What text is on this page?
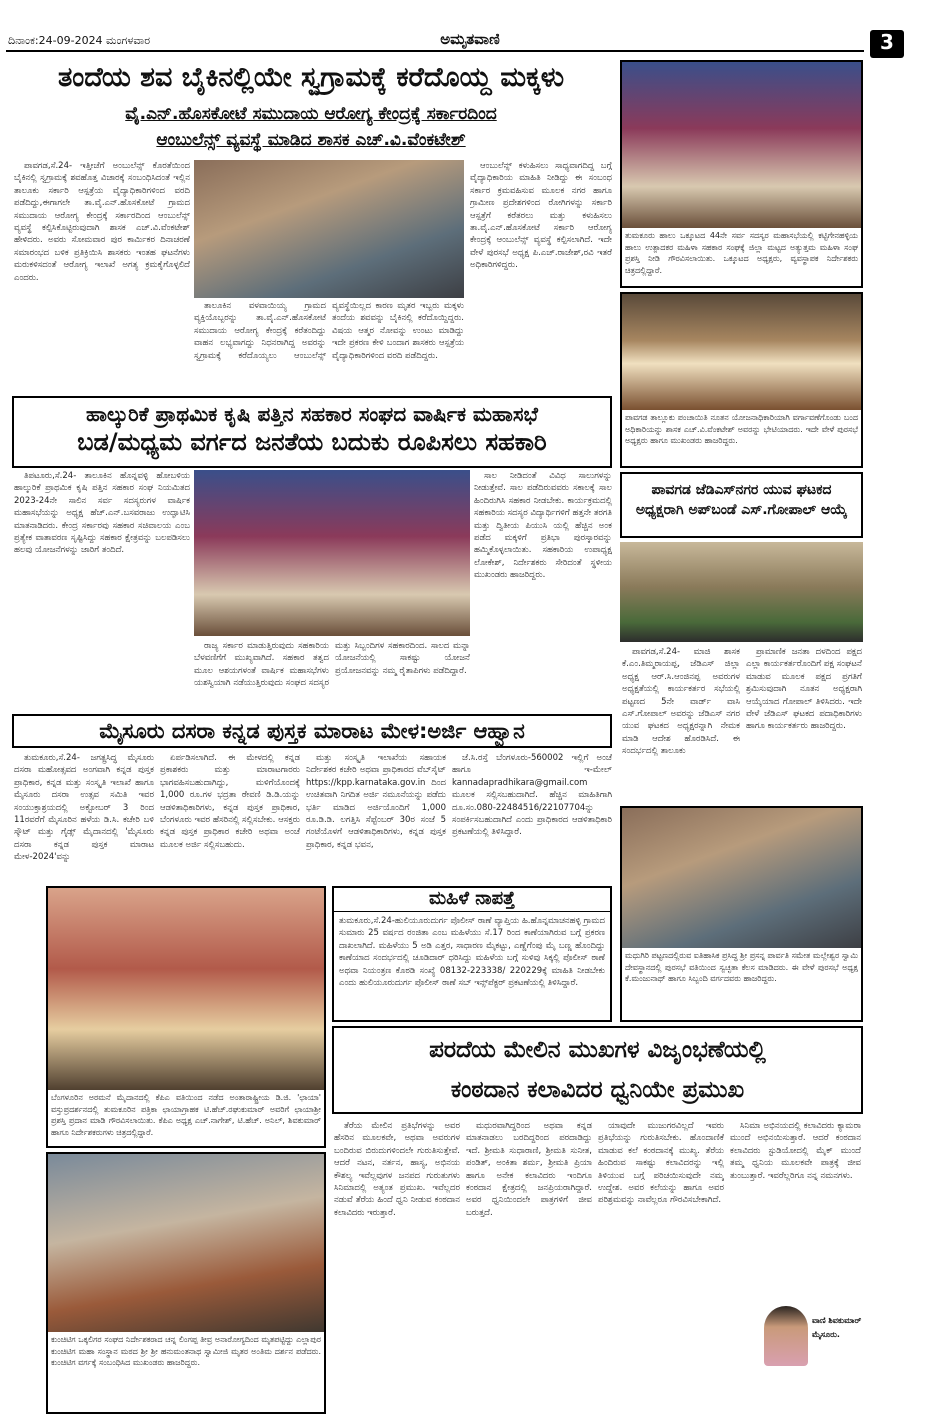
ದಿನಾಂಕ:24-09-2024 ಮಂಗಳವಾರ	ಅಮೃತವಾಣಿ	3
ತಂದೆಯ ಶವ ಬೈಕಿನಲ್ಲಿಯೇ ಸ್ವಗ್ರಾಮಕ್ಕೆ ಕರೆದೊಯ್ದ ಮಕ್ಕಳು
ವೈ.ಎನ್.ಹೊಸಕೋಟೆ ಸಮುದಾಯ ಆರೋಗ್ಯ ಕೇಂದ್ರಕ್ಕೆ ಸರ್ಕಾರದಿಂದ
ಆಂಬುಲೆನ್ಸ್ ವ್ಯವಸ್ಥೆ ಮಾಡಿದ ಶಾಸಕ ಎಚ್.ವಿ.ವೆಂಕಟೇಶ್

ಪಾವಗಡ,ಸೆ.24- ಇತ್ತೀಚೆಗೆ ಅಂಬುಲೆನ್ಸ್ ಕೊರತೆಯಿಂದ ಬೈಕಿನಲ್ಲಿ ಸ್ವಗ್ರಾಮಕ್ಕೆ ಶವಹೊತ್ತ ವಿಚಾರಕ್ಕೆ ಸಂಬಂಧಿಸಿದಂತೆ ಇಲ್ಲಿನ ತಾಲೂಕು ಸರ್ಕಾರಿ ಆಸ್ಪತ್ರೆಯ ವೈದ್ಯಾಧಿಕಾರಿಗಳಿಂದ ವರದಿ ಪಡೆದಿದ್ದು,ಈಗಾಗಲೇ ತಾ.ವೈ.ಎನ್.ಹೊಸಕೋಟೆ ಗ್ರಾಮದ ಸಮುದಾಯ ಆರೋಗ್ಯ ಕೇಂದ್ರಕ್ಕೆ ಸರ್ಕಾರದಿಂದ ಆಂಬುಲೆನ್ಸ್ ವ್ಯವಸ್ಥೆ ಕಲ್ಪಿಸಿಕೊಟ್ಟಿರುವುದಾಗಿ ಶಾಸಕ ಎಚ್.ವಿ.ವೆಂಕಟೇಶ್ ಹೇಳಿದರು. ಅವರು ಸೋಮವಾರ ಪುರ ಕಾರ್ಮಿಕರ ದಿನಾಚರಣೆ ಸಮಾರಂಭದ ಬಳಿಕ ಪ್ರತಿಕ್ರಿಯಿಸಿ ಶಾಸಕರು ಇಂತಹ ಘಟನೆಗಳು ಮರುಕಳಿಸದಂತೆ ಆರೋಗ್ಯ ಇಲಾಖೆ ಅಗತ್ಯ ಕ್ರಮಕೈಗೊಳ್ಳಲಿದೆ ಎಂದರು.

ತಾಲೂಕಿನ ವಳವಾಯಿಯ್ಯ ಗ್ರಾಮದ ವ್ಯಕ್ತಿಯೊಬ್ಬರನ್ನು ತಾ.ವೈ.ಎನ್.ಹೊಸಕೋಟೆ ಸಮುದಾಯ ಆರೋಗ್ಯ ಕೇಂದ್ರಕ್ಕೆ ಕರೆತಂದಿದ್ದು ವಾಹನ ಲಭ್ಯವಾಗದ್ದು ನಿಧನರಾಗಿದ್ದ ಅವರನ್ನು ಸ್ವಗ್ರಾಮಕ್ಕೆ ಕರೆದೊಯ್ಯಲು ಆಂಬುಲೆನ್ಸ್ ವ್ಯವಸ್ಥೆಯಿಲ್ಲದ ಕಾರಣ ಮೃತರ ಇಬ್ಬರು ಮಕ್ಕಳು ತಂದೆಯ ಶವವನ್ನು ಬೈಕಿನಲ್ಲಿ ಕರೆದೊಯ್ದಿದ್ದರು. ವಿಷಯ ಆತ್ಮರ ನೋವನ್ನು ಉಂಟು ಮಾಡಿದ್ದು ಇದೇ ಪ್ರಕರಣ ಕೇಳಿ ಬಂದಾಗ ಶಾಸಕರು ಆಸ್ಪತ್ರೆಯ ವೈದ್ಯಾಧಿಕಾರಿಗಳಿಂದ ವರದಿ ಪಡೆದಿದ್ದರು.

ಆಂಬುಲೆನ್ಸ್ ಕಳುಹಿಸಲು ಸಾಧ್ಯವಾಗದಿದ್ದ ಬಗ್ಗೆ ವೈದ್ಯಾಧಿಕಾರಿಯ ಮಾಹಿತಿ ನೀಡಿದ್ದು ಈ ಸಂಬಂಧ ಸರ್ಕಾರ ಕ್ರಮವಹಿಸುವ ಮೂಲಕ ನಗರ ಹಾಗೂ ಗ್ರಾಮೀಣ ಪ್ರದೇಶಗಳಿಂದ ರೋಗಿಗಳನ್ನು ಸರ್ಕಾರಿ ಆಸ್ಪತ್ರೆಗೆ ಕರೆತರಲು ಮತ್ತು ಕಳುಹಿಸಲು ತಾ.ವೈ.ಎನ್.ಹೊಸಕೋಟೆ ಸರ್ಕಾರಿ ಆರೋಗ್ಯ ಕೇಂದ್ರಕ್ಕೆ ಆಂಬುಲೆನ್ಸ್ ವ್ಯವಸ್ಥೆ ಕಲ್ಪಿಸಲಾಗಿದೆ. ಇದೇ ವೇಳೆ ಪುರಸಭೆ ಅಧ್ಯಕ್ಷ ಪಿ.ಎಚ್.ರಾಜೇಶ್,ರವಿ ಇತರೆ ಅಧಿಕಾರಿಗಳಿದ್ದರು.

ಹಾಲ್ಕುರಿಕೆ ಪ್ರಾಥಮಿಕ ಕೃಷಿ ಪತ್ತಿನ ಸಹಕಾರ ಸಂಘದ ವಾರ್ಷಿಕ ಮಹಾಸಭೆ
ಬಡ/ಮಧ್ಯಮ ವರ್ಗದ ಜನತೆಯ ಬದುಕು ರೂಪಿಸಲು ಸಹಕಾರಿ

ತಿಪಟೂರು,ಸೆ.24- ತಾಲೂಕಿನ ಹೊನ್ನವಳ್ಳಿ ಹೋಬಳಿಯ ಹಾಲ್ಕುರಿಕೆ ಪ್ರಾಥಮಿಕ ಕೃಷಿ ಪತ್ತಿನ ಸಹಕಾರ ಸಂಘ ನಿಯಮಿತದ 2023-24ನೇ ಸಾಲಿನ ಸರ್ವ ಸದಸ್ಯರುಗಳ ವಾರ್ಷಿಕ ಮಹಾಸಭೆಯನ್ನು ಅಧ್ಯಕ್ಷ ಹೆಚ್.ಎನ್.ಬಸವರಾಜು ಉದ್ಘಾಟಿಸಿ ಮಾತನಾಡಿದರು. ಕೇಂದ್ರ ಸರ್ಕಾರವು ಸಹಕಾರ ಸಚಿವಾಲಯ ಎಂಬ ಪ್ರತ್ಯೇಕ ವಾತಾವರಣ ಸೃಷ್ಟಿಸಿದ್ದು ಸಹಕಾರ ಕ್ಷೇತ್ರವನ್ನು ಬಲಪಡಿಸಲು ಹಲವು ಯೋಜನೆಗಳನ್ನು ಜಾರಿಗೆ ತಂದಿದೆ.

ರಾಜ್ಯ ಸರ್ಕಾರ ಮಾಡುತ್ತಿರುವುದು ಸಹಕಾರಿಯ ಬೆಳವಣಿಗೆಗೆ ಮುಖ್ಯವಾಗಿದೆ. ಸಹಕಾರ ತತ್ವದ ಮೂಲ ಆಶಯಗಳಂತೆ ವಾರ್ಷಿಕ ಮಹಾಸಭೆಗಳು ಯಶಸ್ವಿಯಾಗಿ ನಡೆಯುತ್ತಿರುವುದು ಸಂಘದ ಸದಸ್ಯರ ಮತ್ತು ಸಿಬ್ಬಂದಿಗಳ ಸಹಕಾರದಿಂದ. ಸಾಲದ ಮನ್ನಾ ಯೋಜನೆಯಲ್ಲಿ ಸಾಕಷ್ಟು ಯೋಜನೆ ಪ್ರಯೋಜನವನ್ನು ನಮ್ಮ ರೈತಾಪಿಗಳು ಪಡೆದಿದ್ದಾರೆ.

ಸಾಲ ನೀಡಿದಂತೆ ವಿವಿಧ ಸಾಲುಗಳನ್ನು ನೀಡುತ್ತೇವೆ. ಸಾಲ ಪಡೆದಿರುವವರು ಸಕಾಲಕ್ಕೆ ಸಾಲ ಹಿಂದಿರುಗಿಸಿ ಸಹಕಾರ ನೀಡಬೇಕು. ಕಾರ್ಯಕ್ರಮದಲ್ಲಿ ಸಹಕಾರಿಯ ಸದಸ್ಯರ ವಿದ್ಯಾರ್ಥಿಗಳಿಗೆ ಹತ್ತನೇ ತರಗತಿ ಮತ್ತು ದ್ವಿತೀಯ ಪಿಯುಸಿ ಯಲ್ಲಿ ಹೆಚ್ಚಿನ ಅಂಕ ಪಡೆದ ಮಕ್ಕಳಿಗೆ ಪ್ರತಿಭಾ ಪುರಸ್ಕಾರವನ್ನು ಹಮ್ಮಿಕೊಳ್ಳಲಾಯಿತು. ಸಹಕಾರಿಯ ಉಪಾಧ್ಯಕ್ಷ ಲೋಕೇಶ್, ನಿರ್ದೇಶಕರು ಸೇರಿದಂತೆ ಸ್ಥಳೀಯ ಮುಖಂಡರು ಹಾಜರಿದ್ದರು.

ಮೈಸೂರು ದಸರಾ ಕನ್ನಡ ಪುಸ್ತಕ ಮಾರಾಟ ಮೇಳ:ಅರ್ಜಿ ಆಹ್ವಾನ

ತುಮಕೂರು,ಸೆ.24- ಜಗತ್ಪ್ರಸಿದ್ಧ ಮೈಸೂರು ದಸರಾ ಮಹೋತ್ಸವದ ಅಂಗವಾಗಿ ಕನ್ನಡ ಪುಸ್ತಕ ಪ್ರಾಧಿಕಾರ, ಕನ್ನಡ ಮತ್ತು ಸಂಸ್ಕೃತಿ ಇಲಾಖೆ ಹಾಗೂ ಮೈಸೂರು ದಸರಾ ಉತ್ಸವ ಸಮಿತಿ ಇವರ ಸಂಯುಕ್ತಾಶ್ರಯದಲ್ಲಿ ಅಕ್ಟೋಬರ್ 3 ರಿಂದ 11ರವರೆಗೆ ಮೈಸೂರಿನ ಹಳೆಯ ಡಿ.ಸಿ. ಕಚೇರಿ ಬಳಿ ಸ್ಕೌಟ್ ಮತ್ತು ಗೈಡ್ಸ್ ಮೈದಾನದಲ್ಲಿ 'ಮೈಸೂರು ದಸರಾ ಕನ್ನಡ ಪುಸ್ತಕ ಮಾರಾಟ ಮೇಳ-2024'ವನ್ನು

ಏರ್ಪಡಿಸಲಾಗಿದೆ. ಈ ಮೇಳದಲ್ಲಿ ಕನ್ನಡ ಪ್ರಕಾಶಕರು ಮತ್ತು ಮಾರಾಟಗಾರರು ಭಾಗವಹಿಸಬಹುದಾಗಿದ್ದು, ಮಳಿಗೆಯೊಂದಕ್ಕೆ 1,000 ರೂ.ಗಳ ಭದ್ರತಾ ಠೇವಣಿ ಡಿ.ಡಿ.ಯನ್ನು ಆಡಳಿತಾಧಿಕಾರಿಗಳು, ಕನ್ನಡ ಪುಸ್ತಕ ಪ್ರಾಧಿಕಾರ, ಬೆಂಗಳೂರು ಇವರ ಹೆಸರಿನಲ್ಲಿ ಸಲ್ಲಿಸಬೇಕು. ಆಸಕ್ತರು ಕನ್ನಡ ಪುಸ್ತಕ ಪ್ರಾಧಿಕಾರ ಕಚೇರಿ ಅಥವಾ ಅಂಚೆ ಮೂಲಕ ಅರ್ಜಿ ಸಲ್ಲಿಸಬಹುದು.

ಮತ್ತು ಸಂಸ್ಕೃತಿ ಇಲಾಖೆಯ ಸಹಾಯಕ ನಿರ್ದೇಶಕರ ಕಚೇರಿ ಅಥವಾ ಪ್ರಾಧಿಕಾರದ ವೆಬ್‌ಸೈಟ್ https://kpp.karnataka.gov.in ದಿಂದ ಉಚಿತವಾಗಿ ನಿಗದಿತ ಅರ್ಜಿ ನಮೂನೆಯನ್ನು ಪಡೆದು ಭರ್ತಿ ಮಾಡಿದ ಅರ್ಜಿಯೊಂದಿಗೆ 1,000 ರೂ.ಡಿ.ಡಿ. ಲಗತ್ತಿಸಿ ಸೆಪ್ಟೆಂಬರ್ 30ರ ಸಂಜೆ 5 ಗಂಟೆಯೊಳಗೆ ಆಡಳಿತಾಧಿಕಾರಿಗಳು, ಕನ್ನಡ ಪುಸ್ತಕ ಪ್ರಾಧಿಕಾರ, ಕನ್ನಡ ಭವನ,

ಜೆ.ಸಿ.ರಸ್ತೆ ಬೆಂಗಳೂರು-560002 ಇಲ್ಲಿಗೆ ಅಂಚೆ ಹಾಗೂ ಇ-ಮೇಲ್ kannadapradhikara@gmail.com ಮೂಲಕ ಸಲ್ಲಿಸಬಹುದಾಗಿದೆ. ಹೆಚ್ಚಿನ ಮಾಹಿತಿಗಾಗಿ ದೂ.ಸಂ.080-22484516/22107704ನ್ನು ಸಂಪರ್ಕಿಸಬಹುದಾಗಿದೆ ಎಂದು ಪ್ರಾಧಿಕಾರದ ಆಡಳಿತಾಧಿಕಾರಿ ಪ್ರಕಟಣೆಯಲ್ಲಿ ತಿಳಿಸಿದ್ದಾರೆ.

ಬೆಂಗಳೂರಿನ ಅರಮನೆ ಮೈದಾನದಲ್ಲಿ ಕೆಪಿಎ ವತಿಯಿಂದ ನಡೆದ ಅಂತಾರಾಷ್ಟ್ರೀಯ ಡಿ.ಜಿ. 'ಛಾಯಾ' ವಸ್ತುಪ್ರದರ್ಶನದಲ್ಲಿ ತುಮಕೂರಿನ ಪತ್ರಿಕಾ ಛಾಯಾಗ್ರಾಹಕ ಟಿ.ಹೆಚ್.ರಘುಕುಮಾರ್ ಅವರಿಗೆ ಛಾಯಾಶ್ರೀ ಪ್ರಶಸ್ತಿ ಪ್ರದಾನ ಮಾಡಿ ಗೌರವಿಸಲಾಯಿತು. ಕೆಪಿಎ ಅಧ್ಯಕ್ಷ ಎಚ್.ನಾಗೇಶ್, ಟಿ.ಹೆಚ್. ಅನಿಲ್, ಶಿವಕುಮಾರ್ ಹಾಗೂ ನಿರ್ದೇಶಕರುಗಳು ಚಿತ್ರದಲ್ಲಿದ್ದಾರೆ.
ಕುಂಚಿಟಿಗ ಒಕ್ಕಲಿಗರ ಸಂಘದ ನಿರ್ದೇಶಕರಾದ ಚನ್ನ ಲಿಂಗಪ್ಪ ತೀವ್ರ ಅನಾರೋಗ್ಯದಿಂದ ಮೃತಪಟ್ಟಿದ್ದು ಎಲ್ಲಾಪುರ ಕುಂಚಿಟಿಗ ಮಹಾ ಸಂಸ್ಥಾನ ಮಠದ ಶ್ರೀ ಶ್ರೀ ಹನುಮಂತನಾಥ ಸ್ವಾಮೀಜಿ ಮೃತರ ಅಂತಿಮ ದರ್ಶನ ಪಡೆದರು. ಕುಂಚಿಟಿಗ ವರ್ಗಕ್ಕೆ ಸಂಬಂಧಿಸಿದ ಮುಖಂಡರು ಹಾಜರಿದ್ದರು.
ಮಹಿಳೆ ನಾಪತ್ತೆ
ತುಮಕೂರು,ಸೆ.24-ಹುಲಿಯೂರುದುರ್ಗ ಪೊಲೀಸ್ ಠಾಣೆ ವ್ಯಾಪ್ತಿಯ ಹಿ.ಹೊನ್ನಮಾಚನಹಳ್ಳಿ ಗ್ರಾಮದ ಸುಮಾರು 25 ವರ್ಷದ ರಂಜಿತಾ ಎಂಬ ಮಹಿಳೆಯು ಸೆ.17 ರಿಂದ ಕಾಣೆಯಾಗಿರುವ ಬಗ್ಗೆ ಪ್ರಕರಣ ದಾಖಲಾಗಿದೆ. ಮಹಿಳೆಯು 5 ಅಡಿ ಎತ್ತರ, ಸಾಧಾರಣ ಮೈಕಟ್ಟು, ಎಣ್ಣೆಗೆಂಪು ಮೈ ಬಣ್ಣ ಹೊಂದಿದ್ದು ಕಾಣೆಯಾದ ಸಂದರ್ಭದಲ್ಲಿ ಚೂಡಿದಾರ್ ಧರಿಸಿದ್ದು ಮಹಿಳೆಯ ಬಗ್ಗೆ ಸುಳಿವು ಸಿಕ್ಕಲ್ಲಿ ಪೊಲೀಸ್ ಠಾಣೆ ಅಥವಾ ನಿಯಂತ್ರಣ ಕೊಠಡಿ ಸಂಖ್ಯೆ 08132-223338/ 220229ಕ್ಕೆ ಮಾಹಿತಿ ನೀಡಬೇಕು ಎಂದು ಹುಲಿಯೂರುದುರ್ಗ ಪೊಲೀಸ್ ಠಾಣೆ ಸಬ್ ಇನ್ಸ್‌ಪೆಕ್ಟರ್ ಪ್ರಕಟಣೆಯಲ್ಲಿ ತಿಳಿಸಿದ್ದಾರೆ.
ತುಮಕೂರು ಹಾಲು ಒಕ್ಕೂಟದ 44ನೇ ಸರ್ವ ಸದಸ್ಯರ ಮಹಾಸಭೆಯಲ್ಲಿ ಕಟ್ಟಿಗೇನಹಳ್ಳಿಯ ಹಾಲು ಉತ್ಪಾದಕರ ಮಹಿಳಾ ಸಹಕಾರ ಸಂಘಕ್ಕೆ ಜಿಲ್ಲಾ ಮಟ್ಟದ ಅತ್ಯುತ್ತಮ ಮಹಿಳಾ ಸಂಘ ಪ್ರಶಸ್ತಿ ನೀಡಿ ಗೌರವಿಸಲಾಯಿತು. ಒಕ್ಕೂಟದ ಅಧ್ಯಕ್ಷರು, ವ್ಯವಸ್ಥಾಪಕ ನಿರ್ದೇಶಕರು ಚಿತ್ರದಲ್ಲಿದ್ದಾರೆ.
ಪಾವಗಡ ತಾಲ್ಲೂಕು ಪಂಚಾಯಿತಿ ನೂತನ ಯೋಜನಾಧಿಕಾರಿಯಾಗಿ ವರ್ಗಾವಣೆಗೊಂಡು ಬಂದ ಅಧಿಕಾರಿಯನ್ನು ಶಾಸಕ ಎಚ್.ವಿ.ವೆಂಕಟೇಶ್ ಅವರನ್ನು ಭೇಟಿಯಾದರು. ಇದೇ ವೇಳೆ ಪುರಸಭೆ ಅಧ್ಯಕ್ಷರು ಹಾಗೂ ಮುಖಂಡರು ಹಾಜರಿದ್ದರು.
ಪಾವಗಡ ಜೆಡಿಎಸ್‌ನಗರ ಯುವ ಘಟಕದ ಅಧ್ಯಕ್ಷರಾಗಿ ಅಪ್‌ಬಂಡೆ ಎಸ್.ಗೋಪಾಲ್ ಆಯ್ಕೆ

ಪಾವಗಡ,ಸೆ.24- ಮಾಜಿ ಶಾಸಕ ಕೆ.ಎಂ.ತಿಮ್ಮರಾಯಪ್ಪ, ಜೆಡಿಎಸ್ ಜಿಲ್ಲಾ ಅಧ್ಯಕ್ಷ ಆರ್.ಸಿ.ಆಂಜಿನಪ್ಪ ಅವರುಗಳ ಅಧ್ಯಕ್ಷತೆಯಲ್ಲಿ ಕಾರ್ಯಕರ್ತರ ಸಭೆಯಲ್ಲಿ ಪಟ್ಟಣದ 5ನೇ ವಾರ್ಡ್ ವಾಸಿ ಎಸ್.ಗೋಪಾಲ್ ಅವರನ್ನು ಜೆಡಿಎಸ್ ನಗರ ಯುವ ಘಟಕದ ಅಧ್ಯಕ್ಷರನ್ನಾಗಿ ನೇಮಕ ಮಾಡಿ ಆದೇಶ ಹೊರಡಿಸಿದೆ. ಈ ಸಂದರ್ಭದಲ್ಲಿ ತಾಲೂಕು

ಪ್ರಾಮಾಣಿಕ ಜನತಾ ದಳದಿಂದ ಪಕ್ಷದ ಎಲ್ಲಾ ಕಾರ್ಯಕರ್ತರೊಂದಿಗೆ ಪಕ್ಷ ಸಂಘಟನೆ ಮಾಡುವ ಮೂಲಕ ಪಕ್ಷದ ಪ್ರಗತಿಗೆ ಶ್ರಮಿಸುವುದಾಗಿ ನೂತನ ಅಧ್ಯಕ್ಷರಾಗಿ ಆಯ್ಕೆಯಾದ ಗೋಪಾಲ್ ತಿಳಿಸಿದರು. ಇದೇ ವೇಳೆ ಜೆಡಿಎಸ್ ಘಟಕದ ಪದಾಧಿಕಾರಿಗಳು ಹಾಗೂ ಕಾರ್ಯಕರ್ತರು ಹಾಜರಿದ್ದರು.

ಮಧುಗಿರಿ ಪಟ್ಟಣದಲ್ಲಿರುವ ಐತಿಹಾಸಿಕ ಪ್ರಸಿದ್ಧ ಶ್ರೀ ಪ್ರಸನ್ನ ಪಾರ್ವತಿ ಸಮೇತ ಮಲ್ಲೇಶ್ವರ ಸ್ವಾಮಿ ದೇವಸ್ಥಾನದಲ್ಲಿ ಪುರಸಭೆ ವತಿಯಿಂದ ಸ್ವಚ್ಛತಾ ಕೆಲಸ ಮಾಡಿದರು. ಈ ವೇಳೆ ಪುರಸಭೆ ಅಧ್ಯಕ್ಷ ಕೆ.ಮಂಜುನಾಥ್ ಹಾಗೂ ಸಿಬ್ಬಂದಿ ವರ್ಗದವರು ಹಾಜರಿದ್ದರು.
ಪರದೆಯ ಮೇಲಿನ ಮುಖಗಳ ವಿಜೃಂಭಣೆಯಲ್ಲಿ
ಕಂಠದಾನ ಕಲಾವಿದರ ಧ್ವನಿಯೇ ಪ್ರಮುಖ

ತೆರೆಯ ಮೇಲಿನ ಪ್ರತಿಭೆಗಳನ್ನು ಅವರ ಹೆಸರಿನ ಮೂಲಕವೇ, ಅಥವಾ ಅವರುಗಳ ಬಂದಿರುವ ಬಿರುದುಗಳಿಂದಲೇ ಗುರುತಿಸುತ್ತೇವೆ. ಆದರೆ ನಟನ, ನರ್ತನ, ಹಾಸ್ಯ, ಅಭಿನಯ ಕೌಶಲ್ಯ ಇವೆಲ್ಲವುಗಳ ಜನಪದ ಗುರುತುಗಳು ಸಿನಿಮಾದಲ್ಲಿ ಅತ್ಯಂತ ಪ್ರಮುಖ. ಇವೆಲ್ಲದರ ನಡುವೆ ತೆರೆಯ ಹಿಂದೆ ಧ್ವನಿ ನೀಡುವ ಕಂಠದಾನ ಕಲಾವಿದರು ಇರುತ್ತಾರೆ.

ಮಧುರವಾಗಿದ್ದರಿಂದ ಅಥವಾ ಕನ್ನಡ ಮಾತನಾಡಲು ಬರದಿದ್ದರಿಂದ ಪರದಾಡಿದ್ದು ಇದೆ. ಶ್ರೀಮತಿ ಸುಧಾರಾಣಿ, ಶ್ರೀಮತಿ ಸುನೀತ, ಪಂಡಿತ್, ಅಂಕಿತಾ ಶರ್ಮ, ಶ್ರೀಮತಿ ಪ್ರಿಯಾ ಹಾಗೂ ಅನೇಕ ಕಲಾವಿದರು ಇಂದಿಗೂ ಕಂಠದಾನ ಕ್ಷೇತ್ರದಲ್ಲಿ ಜನಪ್ರಿಯರಾಗಿದ್ದಾರೆ. ಅವರ ಧ್ವನಿಯಿಂದಲೇ ಪಾತ್ರಗಳಿಗೆ ಜೀವ ಬರುತ್ತದೆ.

ಯಾವುದೇ ಮುಜುಗರವಿಲ್ಲದೆ ಇವರು ಪ್ರತಿಭೆಯನ್ನು ಗುರುತಿಸಬೇಕು. ಹೊಂದಾಣಿಕೆ ಮಾಡುವ ಕಲೆ ಕಂಠದಾನಕ್ಕೆ ಮುಖ್ಯ. ತೆರೆಯ ಹಿಂದಿರುವ ಸಾಕಷ್ಟು ಕಲಾವಿದರನ್ನು ಇಲ್ಲಿ ತಿಳಿಯುವ ಬಗ್ಗೆ ಪರಿಚಯಿಸುವುದೇ ನಮ್ಮ ಉದ್ದೇಶ. ಅವರ ಕಲೆಯನ್ನು ಹಾಗೂ ಅವರ ಪರಿಶ್ರಮವನ್ನು ನಾವೆಲ್ಲರೂ ಗೌರವಿಸಬೇಕಾಗಿದೆ.

ಸಿನಿಮಾ ಅಭಿನಯದಲ್ಲಿ ಕಲಾವಿದರು ಕ್ಯಾಮರಾ ಮುಂದೆ ಅಭಿನಯಿಸುತ್ತಾರೆ. ಆದರೆ ಕಂಠದಾನ ಕಲಾವಿದರು ಸ್ಟುಡಿಯೋದಲ್ಲಿ ಮೈಕ್ ಮುಂದೆ ತಮ್ಮ ಧ್ವನಿಯ ಮೂಲಕವೇ ಪಾತ್ರಕ್ಕೆ ಜೀವ ತುಂಬುತ್ತಾರೆ. ಇವರೆಲ್ಲರಿಗೂ ನನ್ನ ನಮನಗಳು.

ವಾಣಿ ಶಿವಕುಮಾರ್
ಮೈಸೂರು.
